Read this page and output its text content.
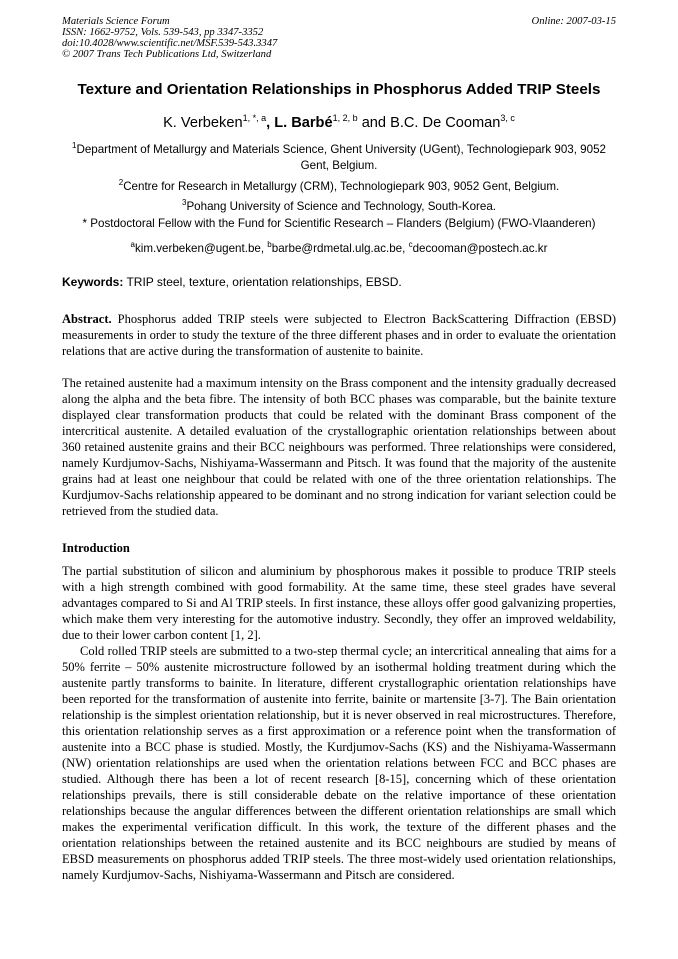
Materials Science Forum
ISSN: 1662-9752, Vols. 539-543, pp 3347-3352
doi:10.4028/www.scientific.net/MSF.539-543.3347
© 2007 Trans Tech Publications Ltd, Switzerland
Online: 2007-03-15
Texture and Orientation Relationships in Phosphorus Added TRIP Steels
K. Verbeken$^{1, *, a}$, L. Barbé$^{1, 2, b}$ and B.C. De Cooman$^{3, c}$
$^1$Department of Metallurgy and Materials Science, Ghent University (UGent), Technologiepark 903, 9052 Gent, Belgium.
$^2$Centre for Research in Metallurgy (CRM), Technologiepark 903, 9052 Gent, Belgium.
$^3$Pohang University of Science and Technology, South-Korea.
* Postdoctoral Fellow with the Fund for Scientific Research – Flanders (Belgium) (FWO-Vlaanderen)
$^a$kim.verbeken@ugent.be, $^b$barbe@rdmetal.ulg.ac.be, $^c$decooman@postech.ac.kr
Keywords: TRIP steel, texture, orientation relationships, EBSD.
Abstract. Phosphorus added TRIP steels were subjected to Electron BackScattering Diffraction (EBSD) measurements in order to study the texture of the three different phases and in order to evaluate the orientation relations that are active during the transformation of austenite to bainite.
The retained austenite had a maximum intensity on the Brass component and the intensity gradually decreased along the alpha and the beta fibre. The intensity of both BCC phases was comparable, but the bainite texture displayed clear transformation products that could be related with the dominant Brass component of the intercritical austenite. A detailed evaluation of the crystallographic orientation relationships between about 360 retained austenite grains and their BCC neighbours was performed. Three relationships were considered, namely Kurdjumov-Sachs, Nishiyama-Wassermann and Pitsch. It was found that the majority of the austenite grains had at least one neighbour that could be related with one of the three orientation relationships. The Kurdjumov-Sachs relationship appeared to be dominant and no strong indication for variant selection could be retrieved from the studied data.
Introduction
The partial substitution of silicon and aluminium by phosphorous makes it possible to produce TRIP steels with a high strength combined with good formability. At the same time, these steel grades have several advantages compared to Si and Al TRIP steels. In first instance, these alloys offer good galvanizing properties, which make them very interesting for the automotive industry. Secondly, they offer an improved weldability, due to their lower carbon content [1, 2].
Cold rolled TRIP steels are submitted to a two-step thermal cycle; an intercritical annealing that aims for a 50% ferrite – 50% austenite microstructure followed by an isothermal holding treatment during which the austenite partly transforms to bainite. In literature, different crystallographic orientation relationships have been reported for the transformation of austenite into ferrite, bainite or martensite [3-7]. The Bain orientation relationship is the simplest orientation relationship, but it is never observed in real microstructures. Therefore, this orientation relationship serves as a first approximation or a reference point when the transformation of austenite into a BCC phase is studied. Mostly, the Kurdjumov-Sachs (KS) and the Nishiyama-Wassermann (NW) orientation relationships are used when the orientation relations between FCC and BCC phases are studied. Although there has been a lot of recent research [8-15], concerning which of these orientation relationships prevails, there is still considerable debate on the relative importance of these orientation relationships because the angular differences between the different orientation relationships are small which makes the experimental verification difficult. In this work, the texture of the different phases and the orientation relationships between the retained austenite and its BCC neighbours are studied by means of EBSD measurements on phosphorus added TRIP steels. The three most-widely used orientation relationships, namely Kurdjumov-Sachs, Nishiyama-Wassermann and Pitsch are considered.
